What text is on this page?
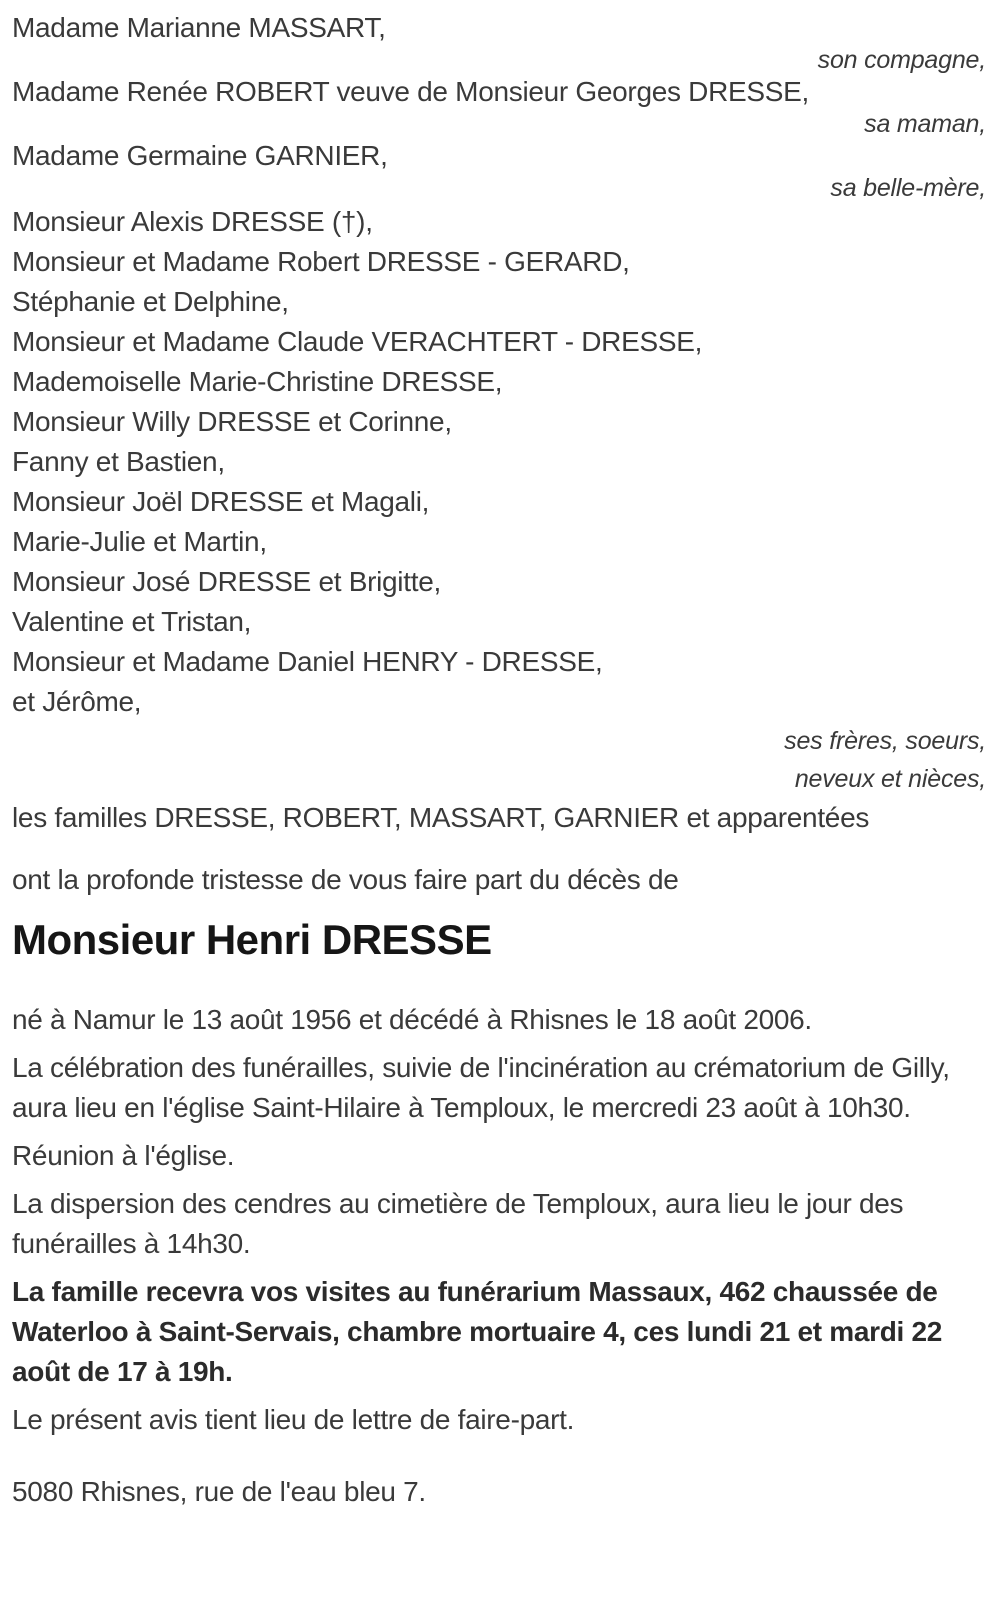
Madame Marianne MASSART,
son compagne,
Madame Renée ROBERT veuve de Monsieur Georges DRESSE,
sa maman,
Madame Germaine GARNIER,
sa belle-mère,
Monsieur Alexis DRESSE (†),
Monsieur et Madame Robert DRESSE - GERARD,
Stéphanie et Delphine,
Monsieur et Madame Claude VERACHTERT - DRESSE,
Mademoiselle Marie-Christine DRESSE,
Monsieur Willy DRESSE et Corinne,
Fanny et Bastien,
Monsieur Joël DRESSE et Magali,
Marie-Julie et Martin,
Monsieur José DRESSE et Brigitte,
Valentine et Tristan,
Monsieur et Madame Daniel HENRY - DRESSE,
et Jérôme,
ses frères, soeurs,
neveux et nièces,
les familles DRESSE, ROBERT, MASSART, GARNIER et apparentées

ont la profonde tristesse de vous faire part du décès de

Monsieur Henri DRESSE

né à Namur le 13 août 1956 et décédé à Rhisnes le 18 août 2006.

La célébration des funérailles, suivie de l'incinération au crématorium de Gilly, aura lieu en l'église Saint-Hilaire à Temploux, le mercredi 23 août à 10h30.

Réunion à l'église.

La dispersion des cendres au cimetière de Temploux, aura lieu le jour des funérailles à 14h30.

La famille recevra vos visites au funérarium Massaux, 462 chaussée de Waterloo à Saint-Servais, chambre mortuaire 4, ces lundi 21 et mardi 22 août de 17 à 19h.

Le présent avis tient lieu de lettre de faire-part.

5080 Rhisnes, rue de l'eau bleu 7.
